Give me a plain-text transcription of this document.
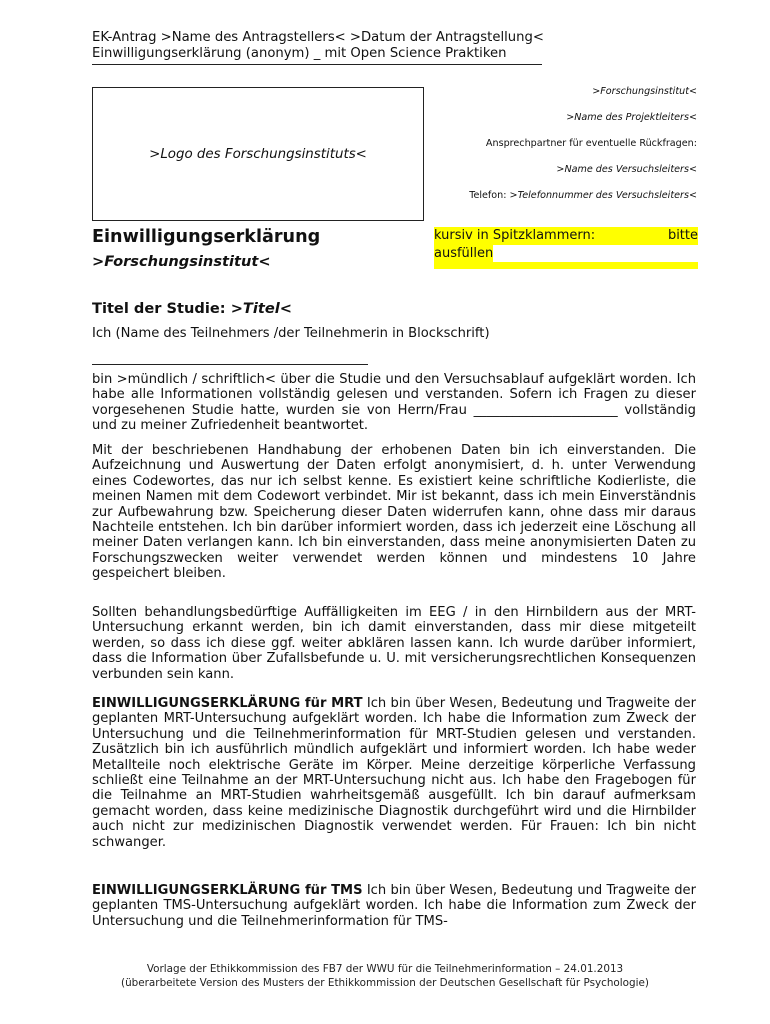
EK-Antrag >Name des Antragstellers< >Datum der Antragstellung<
Einwilligungserklärung (anonym) _ mit Open Science Praktiken
>Logo des Forschungsinstituts<
>Forschungsinstitut<
>Name des Projektleiters<
Ansprechpartner für eventuelle Rückfragen:
>Name des Versuchsleiters<
Telefon: >Telefonnummer des Versuchsleiters<
Einwilligungserklärung
>Forschungsinstitut<
kursiv in Spitzklammern:	bitte
ausfüllen
Titel der Studie: >Titel<

Ich (Name des Teilnehmers /der Teilnehmerin in Blockschrift)

bin >mündlich / schriftlich< über die Studie und den Versuchsablauf aufgeklärt worden. Ich habe alle Informationen vollständig gelesen und verstanden. Sofern ich Fragen zu dieser vorgesehenen Studie hatte, wurden sie von Herrn/Frau ______________________ vollständig und zu meiner Zufriedenheit beantwortet.

Mit der beschriebenen Handhabung der erhobenen Daten bin ich einverstanden. Die Aufzeichnung und Auswertung der Daten erfolgt anonymisiert, d. h. unter Verwendung eines Codewortes, das nur ich selbst kenne. Es existiert keine schriftliche Kodierliste, die meinen Namen mit dem Codewort verbindet. Mir ist bekannt, dass ich mein Einverständnis zur Aufbewahrung bzw. Speicherung dieser Daten widerrufen kann, ohne dass mir daraus Nachteile entstehen. Ich bin darüber informiert worden, dass ich jederzeit eine Löschung all meiner Daten verlangen kann. Ich bin einverstanden, dass meine anonymisierten Daten zu Forschungszwecken weiter verwendet werden können und mindestens 10 Jahre gespeichert bleiben.

Sollten behandlungsbedürftige Auffälligkeiten im EEG / in den Hirnbildern aus der MRT-Untersuchung erkannt werden, bin ich damit einverstanden, dass mir diese mitgeteilt werden, so dass ich diese ggf. weiter abklären lassen kann. Ich wurde darüber informiert, dass die Information über Zufallsbefunde u. U. mit versicherungsrechtlichen Konsequenzen verbunden sein kann.

EINWILLIGUNGSERKLÄRUNG für MRT Ich bin über Wesen, Bedeutung und Tragweite der geplanten MRT-Untersuchung aufgeklärt worden. Ich habe die Information zum Zweck der Untersuchung und die Teilnehmerinformation für MRT-Studien gelesen und verstanden. Zusätzlich bin ich ausführlich mündlich aufgeklärt und informiert worden. Ich habe weder Metallteile noch elektrische Geräte im Körper. Meine derzeitige körperliche Verfassung schließt eine Teilnahme an der MRT-Untersuchung nicht aus. Ich habe den Fragebogen für die Teilnahme an MRT-Studien wahrheitsgemäß ausgefüllt. Ich bin darauf aufmerksam gemacht worden, dass keine medizinische Diagnostik durchgeführt wird und die Hirnbilder auch nicht zur medizinischen Diagnostik verwendet werden. Für Frauen: Ich bin nicht schwanger.

EINWILLIGUNGSERKLÄRUNG für TMS Ich bin über Wesen, Bedeutung und Tragweite der geplanten TMS-Untersuchung aufgeklärt worden. Ich habe die Information zum Zweck der Untersuchung und die Teilnehmerinformation für TMS-

Vorlage der Ethikkommission des FB7 der WWU für die Teilnehmerinformation – 24.01.2013
(überarbeitete Version des Musters der Ethikkommission der Deutschen Gesellschaft für Psychologie)
